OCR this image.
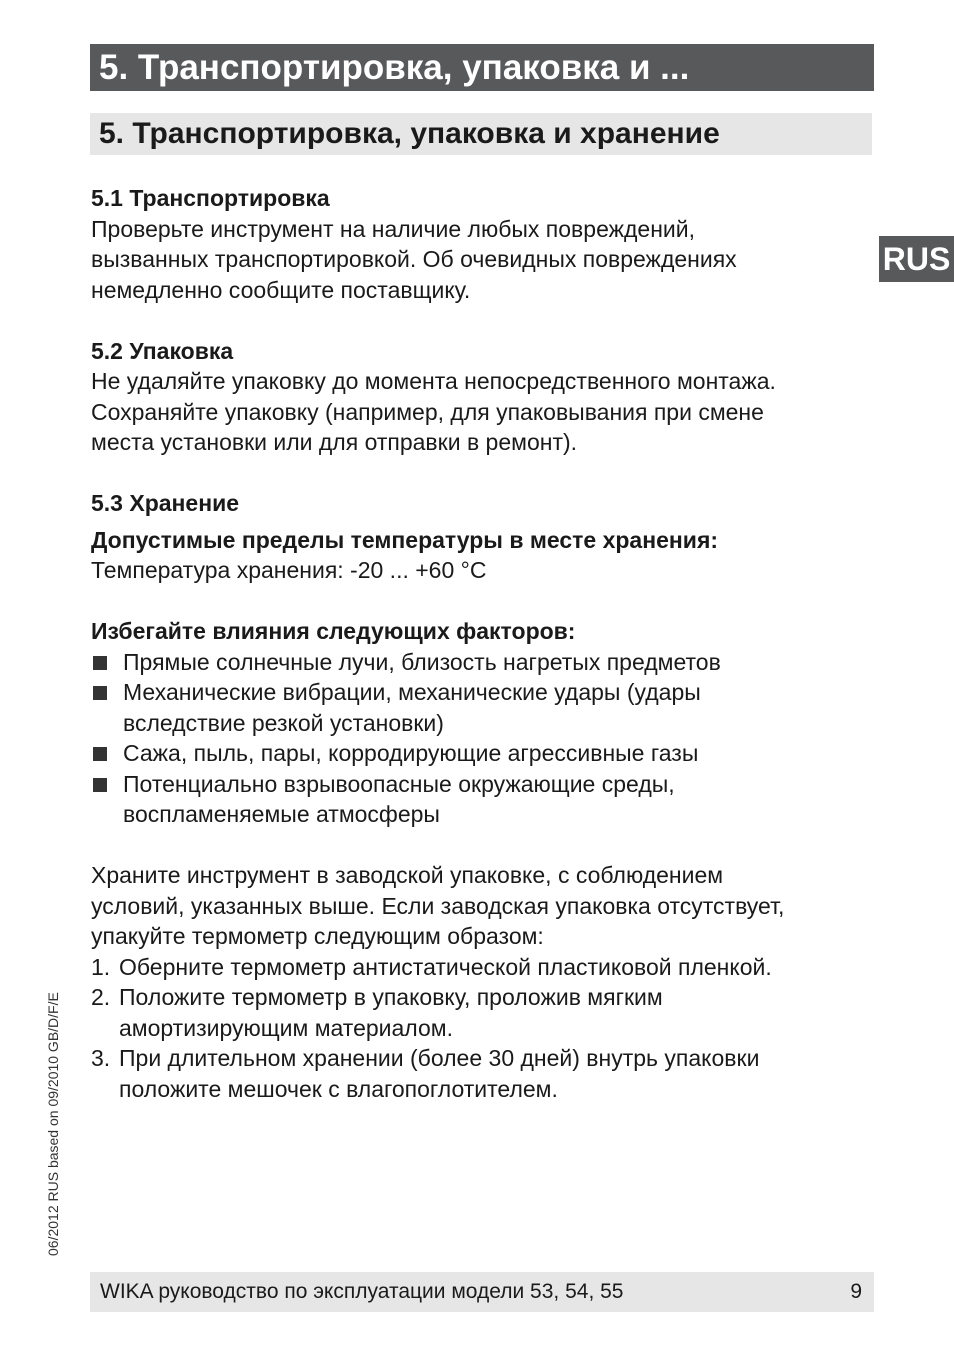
5. Транспортировка, упаковка и ...
RUS
5. Транспортировка, упаковка и хранение

5.1 Транспортировка

Проверьте инструмент на наличие любых повреждений,

вызванных транспортировкой. Об очевидных повреждениях

немедленно сообщите поставщику.

5.2 Упаковка

Не удаляйте упаковку до момента непосредственного монтажа.

Сохраняйте упаковку (например, для упаковывания при смене

места установки или для отправки в ремонт).

5.3 Хранение

Допустимые пределы температуры в месте хранения:

Температура хранения: -20 ... +60 °C

Избегайте влияния следующих факторов:

Прямые солнечные лучи, близость нагретых предметов
Механические вибрации, механические удары (удары
вследствие резкой установки)
Сажа, пыль, пары, корродирующие агрессивные газы
Потенциально взрывоопасные окружающие среды,
воспламеняемые атмосферы

Храните инструмент в заводской упаковке, с соблюдением

условий, указанных выше. Если заводская упаковка отсутствует,

упакуйте термометр следующим образом:

1. Оберните термометр антистатической пластиковой пленкой.
2. Положите термометр в упаковку, проложив мягким
амортизирующим материалом.
3. При длительном хранении (более 30 дней) внутрь упаковки
положите мешочек с влагопоглотителем.
06/2012 RUS based on 09/2010 GB/D/F/E
WIKA руководство по эксплуатации модели 53, 54, 55	9
